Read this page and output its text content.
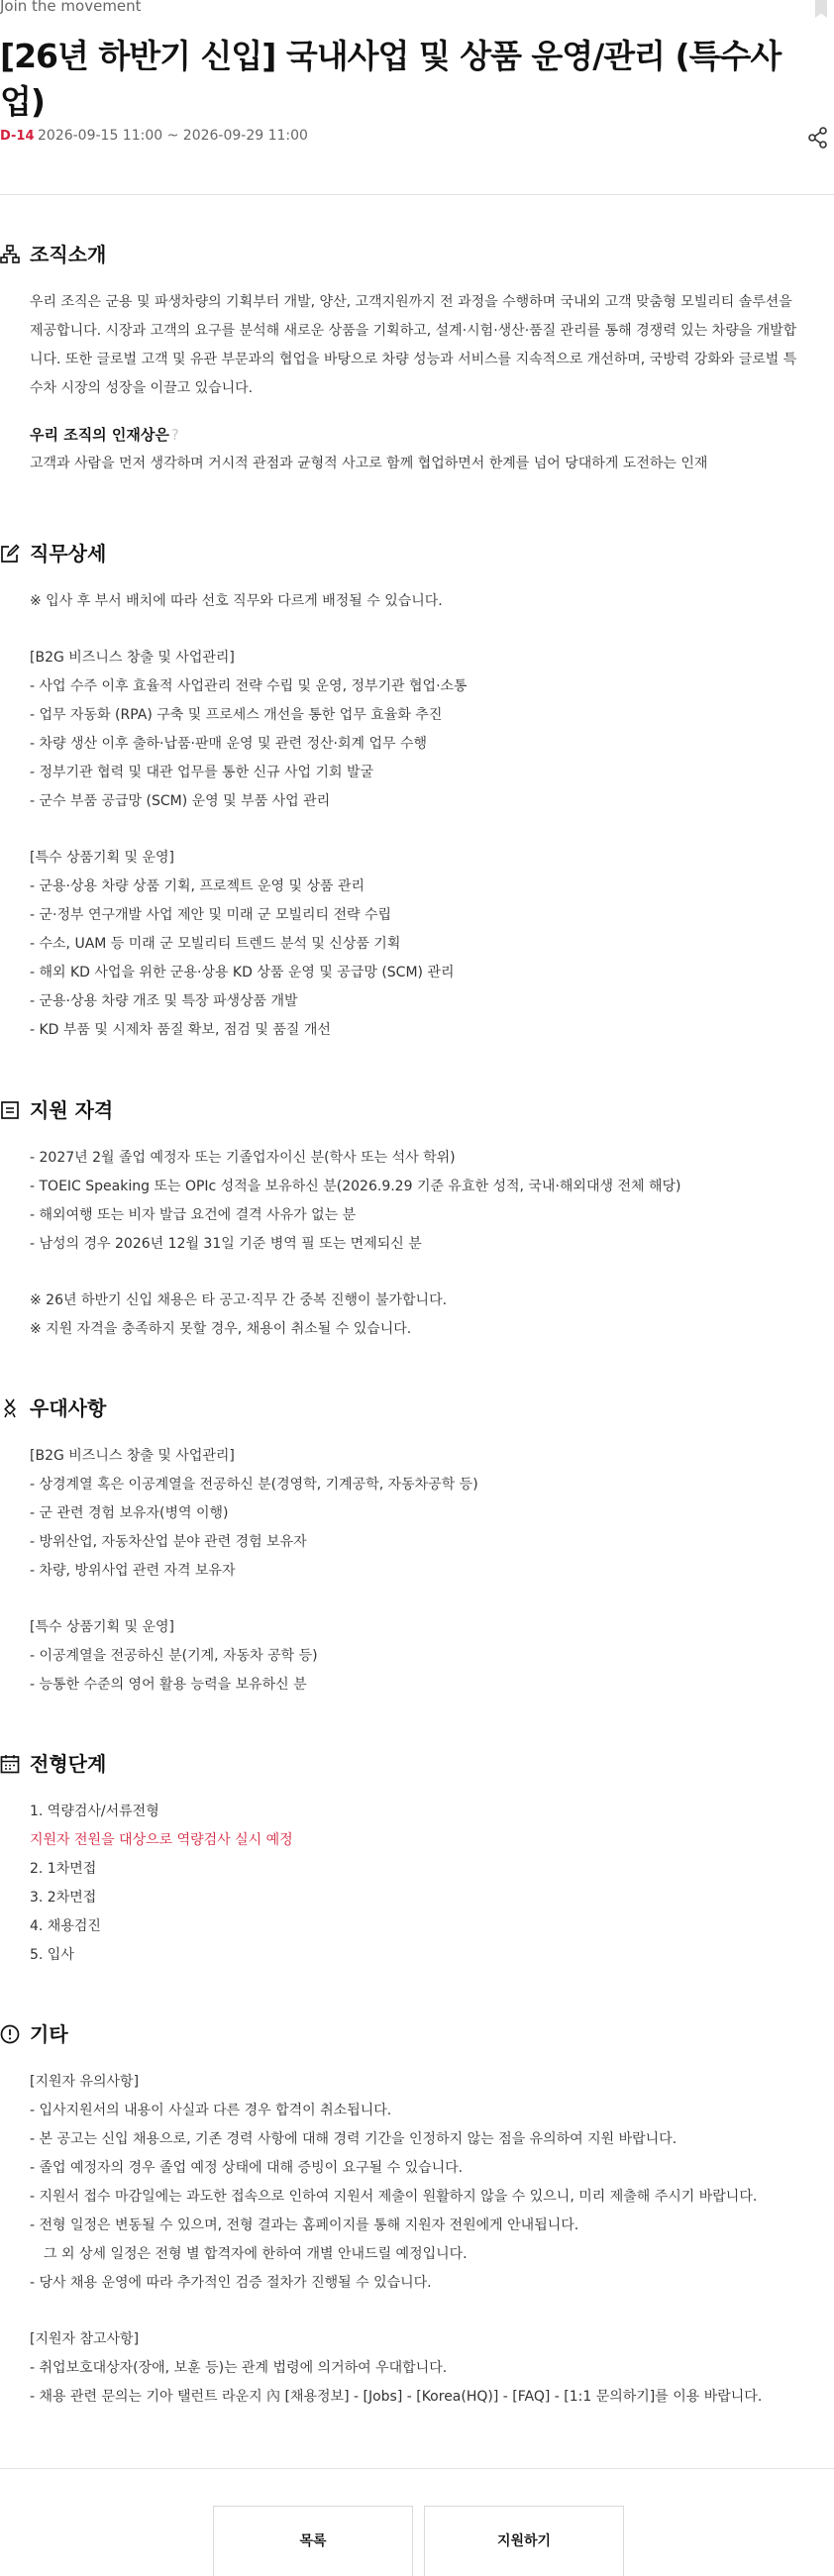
Join the movement
[26년 하반기 신입] 국내사업 및 상품 운영/관리 (특수사업)
D-14 2026-09-15 11:00 ~ 2026-09-29 11:00
조직소개
우리 조직은 군용 및 파생차량의 기획부터 개발, 양산, 고객지원까지 전 과정을 수행하며 국내외 고객 맞춤형 모빌리티 솔루션을
제공합니다. 시장과 고객의 요구를 분석해 새로운 상품을 기획하고, 설계·시험·생산·품질 관리를 통해 경쟁력 있는 차량을 개발합
니다. 또한 글로벌 고객 및 유관 부문과의 협업을 바탕으로 차량 성능과 서비스를 지속적으로 개선하며, 국방력 강화와 글로벌 특
수차 시장의 성장을 이끌고 있습니다.
우리 조직의 인재상은 ?
고객과 사람을 먼저 생각하며 거시적 관점과 균형적 사고로 함께 협업하면서 한계를 넘어 당대하게 도전하는 인재
직무상세
※ 입사 후 부서 배치에 따라 선호 직무와 다르게 배정될 수 있습니다.
[B2G 비즈니스 창출 및 사업관리]
- 사업 수주 이후 효율적 사업관리 전략 수립 및 운영, 정부기관 협업·소통
- 업무 자동화 (RPA) 구축 및 프로세스 개선을 통한 업무 효율화 추진
- 차량 생산 이후 출하·납품·판매 운영 및 관련 정산·회계 업무 수행
- 정부기관 협력 및 대관 업무를 통한 신규 사업 기회 발굴
- 군수 부품 공급망 (SCM) 운영 및 부품 사업 관리
[특수 상품기획 및 운영]
- 군용·상용 차량 상품 기획, 프로젝트 운영 및 상품 관리
- 군·정부 연구개발 사업 제안 및 미래 군 모빌리티 전략 수립
- 수소, UAM 등 미래 군 모빌리티 트렌드 분석 및 신상품 기획
- 해외 KD 사업을 위한 군용·상용 KD 상품 운영 및 공급망 (SCM) 관리
- 군용·상용 차량 개조 및 특장 파생상품 개발
- KD 부품 및 시제차 품질 확보, 점검 및 품질 개선
지원 자격
- 2027년 2월 졸업 예정자 또는 기졸업자이신 분(학사 또는 석사 학위)
- TOEIC Speaking 또는 OPIc 성적을 보유하신 분(2026.9.29 기준 유효한 성적, 국내·해외대생 전체 해당)
- 해외여행 또는 비자 발급 요건에 결격 사유가 없는 분
- 남성의 경우 2026년 12월 31일 기준 병역 필 또는 면제되신 분
※ 26년 하반기 신입 채용은 타 공고·직무 간 중복 진행이 불가합니다.
※ 지원 자격을 충족하지 못할 경우, 채용이 취소될 수 있습니다.
우대사항
[B2G 비즈니스 창출 및 사업관리]
- 상경계열 혹은 이공계열을 전공하신 분(경영학, 기계공학, 자동차공학 등)
- 군 관련 경험 보유자(병역 이행)
- 방위산업, 자동차산업 분야 관련 경험 보유자
- 차량, 방위사업 관련 자격 보유자
[특수 상품기획 및 운영]
- 이공계열을 전공하신 분(기계, 자동차 공학 등)
- 능통한 수준의 영어 활용 능력을 보유하신 분
전형단계
1. 역량검사/서류전형
지원자 전원을 대상으로 역량검사 실시 예정
2. 1차면접
3. 2차면접
4. 채용검진
5. 입사
기타
[지원자 유의사항]
- 입사지원서의 내용이 사실과 다른 경우 합격이 취소됩니다.
- 본 공고는 신입 채용으로, 기존 경력 사항에 대해 경력 기간을 인정하지 않는 점을 유의하여 지원 바랍니다.
- 졸업 예정자의 경우 졸업 예정 상태에 대해 증빙이 요구될 수 있습니다.
- 지원서 접수 마감일에는 과도한 접속으로 인하여 지원서 제출이 원활하지 않을 수 있으니, 미리 제출해 주시기 바랍니다.
- 전형 일정은 변동될 수 있으며, 전형 결과는 홈페이지를 통해 지원자 전원에게 안내됩니다.
그 외 상세 일정은 전형 별 합격자에 한하여 개별 안내드릴 예정입니다.
- 당사 채용 운영에 따라 추가적인 검증 절차가 진행될 수 있습니다.
[지원자 참고사항]
- 취업보호대상자(장애, 보훈 등)는 관계 법령에 의거하여 우대합니다.
- 채용 관련 문의는 기아 탤런트 라운지 內 [채용정보] - [Jobs] - [Korea(HQ)] - [FAQ] - [1:1 문의하기]를 이용 바랍니다.
목록	지원하기
